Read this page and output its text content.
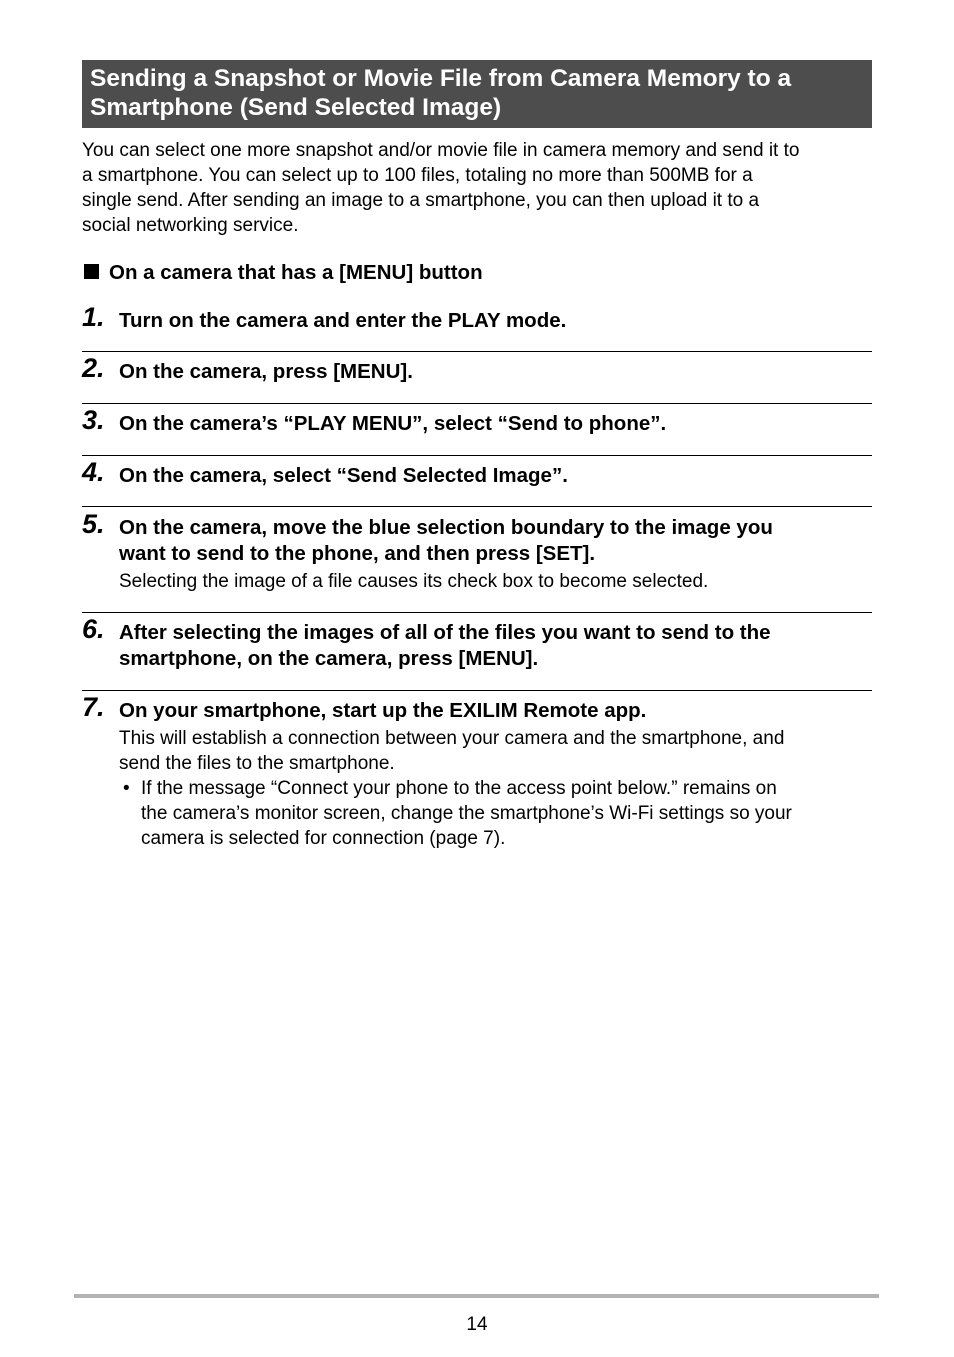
Sending a Snapshot or Movie File from Camera Memory to a
Smartphone (Send Selected Image)
You can select one more snapshot and/or movie file in camera memory and send it to
a smartphone. You can select up to 100 files, totaling no more than 500MB for a
single send. After sending an image to a smartphone, you can then upload it to a
social networking service.
On a camera that has a [MENU] button
1. Turn on the camera and enter the PLAY mode.
2. On the camera, press [MENU].
3. On the camera’s “PLAY MENU”, select “Send to phone”.
4. On the camera, select “Send Selected Image”.
5. On the camera, move the blue selection boundary to the image you
want to send to the phone, and then press [SET].
Selecting the image of a file causes its check box to become selected.
6. After selecting the images of all of the files you want to send to the
smartphone, on the camera, press [MENU].
7. On your smartphone, start up the EXILIM Remote app.
This will establish a connection between your camera and the smartphone, and
send the files to the smartphone.
• If the message “Connect your phone to the access point below.” remains on
the camera’s monitor screen, change the smartphone’s Wi-Fi settings so your
camera is selected for connection (page 7).
14
